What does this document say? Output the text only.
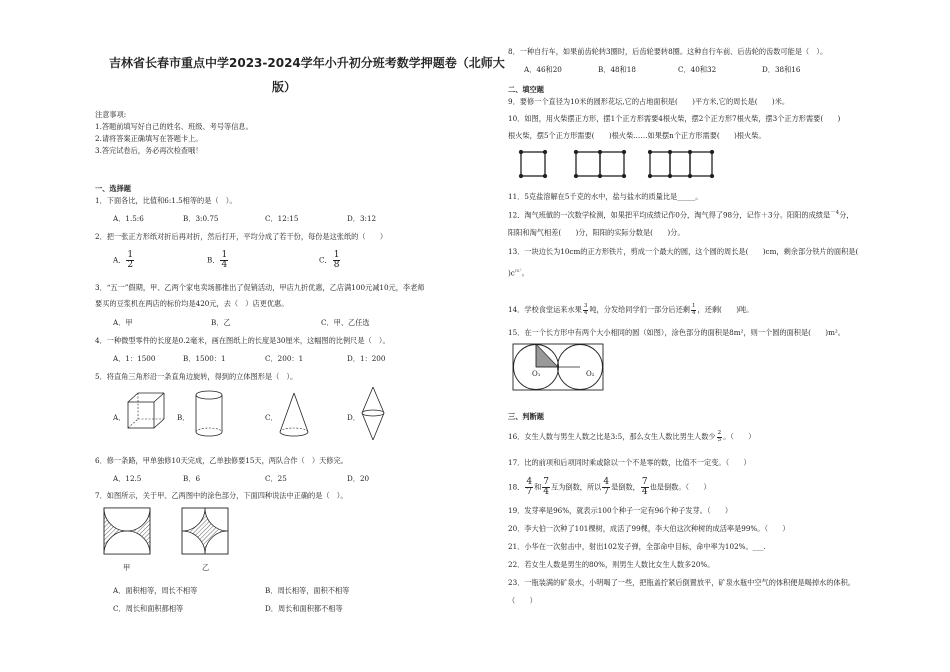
吉林省长春市重点中学2023-2024学年小升初分班考数学押题卷（北师大
版）
注意事项:
1.答题前填写好自己的姓名、班级、考号等信息。
2.请将答案正确填写在答题卡上。
3.答完试卷后，务必再次检查哦！
一、选择题
1．下面各比，比值和6:1.5相等的是（　）。
A．1.5:6	B．3:0.75	C．12:15	D．3:12
2．把一张正方形纸对折后再对折，然后打开，平均分成了若干份，每份是这张纸的（　　）
A． $\frac{1}{2}$	B． $\frac{1}{4}$	C． $\frac{1}{8}$
3．“五一”假期，甲、乙两个家电卖场都推出了促销活动，甲店九折优惠，乙店满100元减10元，李老师
要买的豆浆机在两店的标价均是420元，去（　）店更优惠。
A．甲	B．乙	C．甲、乙任选
4．一种微型零件的长度是0.2毫米，画在图纸上的长度是30厘米，这幅图的比例尺是（　）。
A．1：1500	B．1500：1	C．200：1	D．1：200
5．将直角三角形沿一条直角边旋转，得到的立体图形是（　）。
A．	B．	C．	D．
6．修一条路，甲单独修10天完成，乙单独修要15天，两队合作（　）天修完。
A．12.5	B．6	C．25	D．20
7．如图所示，关于甲、乙两图中的涂色部分，下面四种说法中正确的是（　）。
甲	乙
A．面积相等，周长不相等	B．周长相等，面积不相等
C．周长和面积都相等	D．周长和面积都不相等
8．一种自行车，如果前齿轮转3圈时，后齿轮要转8圈。这种自行车前、后齿轮的齿数可能是（　）。
A．46和20	B．48和18	C．40和32	D．38和16
二、填空题
9．要修一个直径为10米的圆形花坛,它的占地面积是(　　)平方米,它的周长是(　　)米。
10．如图，用火柴摆正方形，摆1个正方形需要4根火柴，摆2个正方形7根火柴，摆3个正方形需要(　　)
根火柴，摆5个正方形需要(　　)根火柴……如果摆n个正方形需要(　　)根火柴。
11．5克盐溶解在5千克的水中，盐与盐水的质量比是_____。
12．淘气班做的一次数学检测，如果把平均成绩记作0分，淘气得了98分，记作＋3分。阳阳的成绩是$^{-4}$分，
阳阳和淘气相差(　　)分，阳阳的实际分数是(　　)分。
13．一块边长为10cm的正方形铁片，剪成一个最大的圆，这个圆的周长是(　　)cm，剩余部分铁片的面积是(
)$c^{m^2}$。
14．学校食堂运来水果 $\frac{3}{4}$ 吨，分发给同学们一部分后还剩 $\frac{1}{4}$ ，还剩(　　)吨。
15．在一个长方形中有两个大小相同的圆（如图），涂色部分的面积是8m²，则一个圆的面积是(　　)m²。
O₁	O₂
三、判断题
16．女生人数与男生人数之比是3:5，那么女生人数比男生人数少 $\frac{2}{5}$ 。（　　）
17．比的前项和后项同时乘或除以一个不是零的数，比值不一定变。（　　）
18． $\frac{4}{7}$ 和 $\frac{7}{4}$ 互为倒数，所以 $\frac{4}{7}$ 是倒数， $\frac{7}{4}$ 也是倒数。（　　）
19．发芽率是96%，就表示100个种子一定有96个种子发芽。（　　）
20．李大伯一次种了101棵树，成活了99棵，李大伯这次种树的成活率是99%。（　　）
21．小华在一次射击中，射出102发子弹，全部命中目标，命中率为102%。___.
22．若女生人数是男生的80%，则男生人数比女生人数多20%。
23．一瓶装满的矿泉水，小明喝了一些，把瓶盖拧紧后倒置放平，矿泉水瓶中空气的体积便是喝掉水的体积。
（　　）
